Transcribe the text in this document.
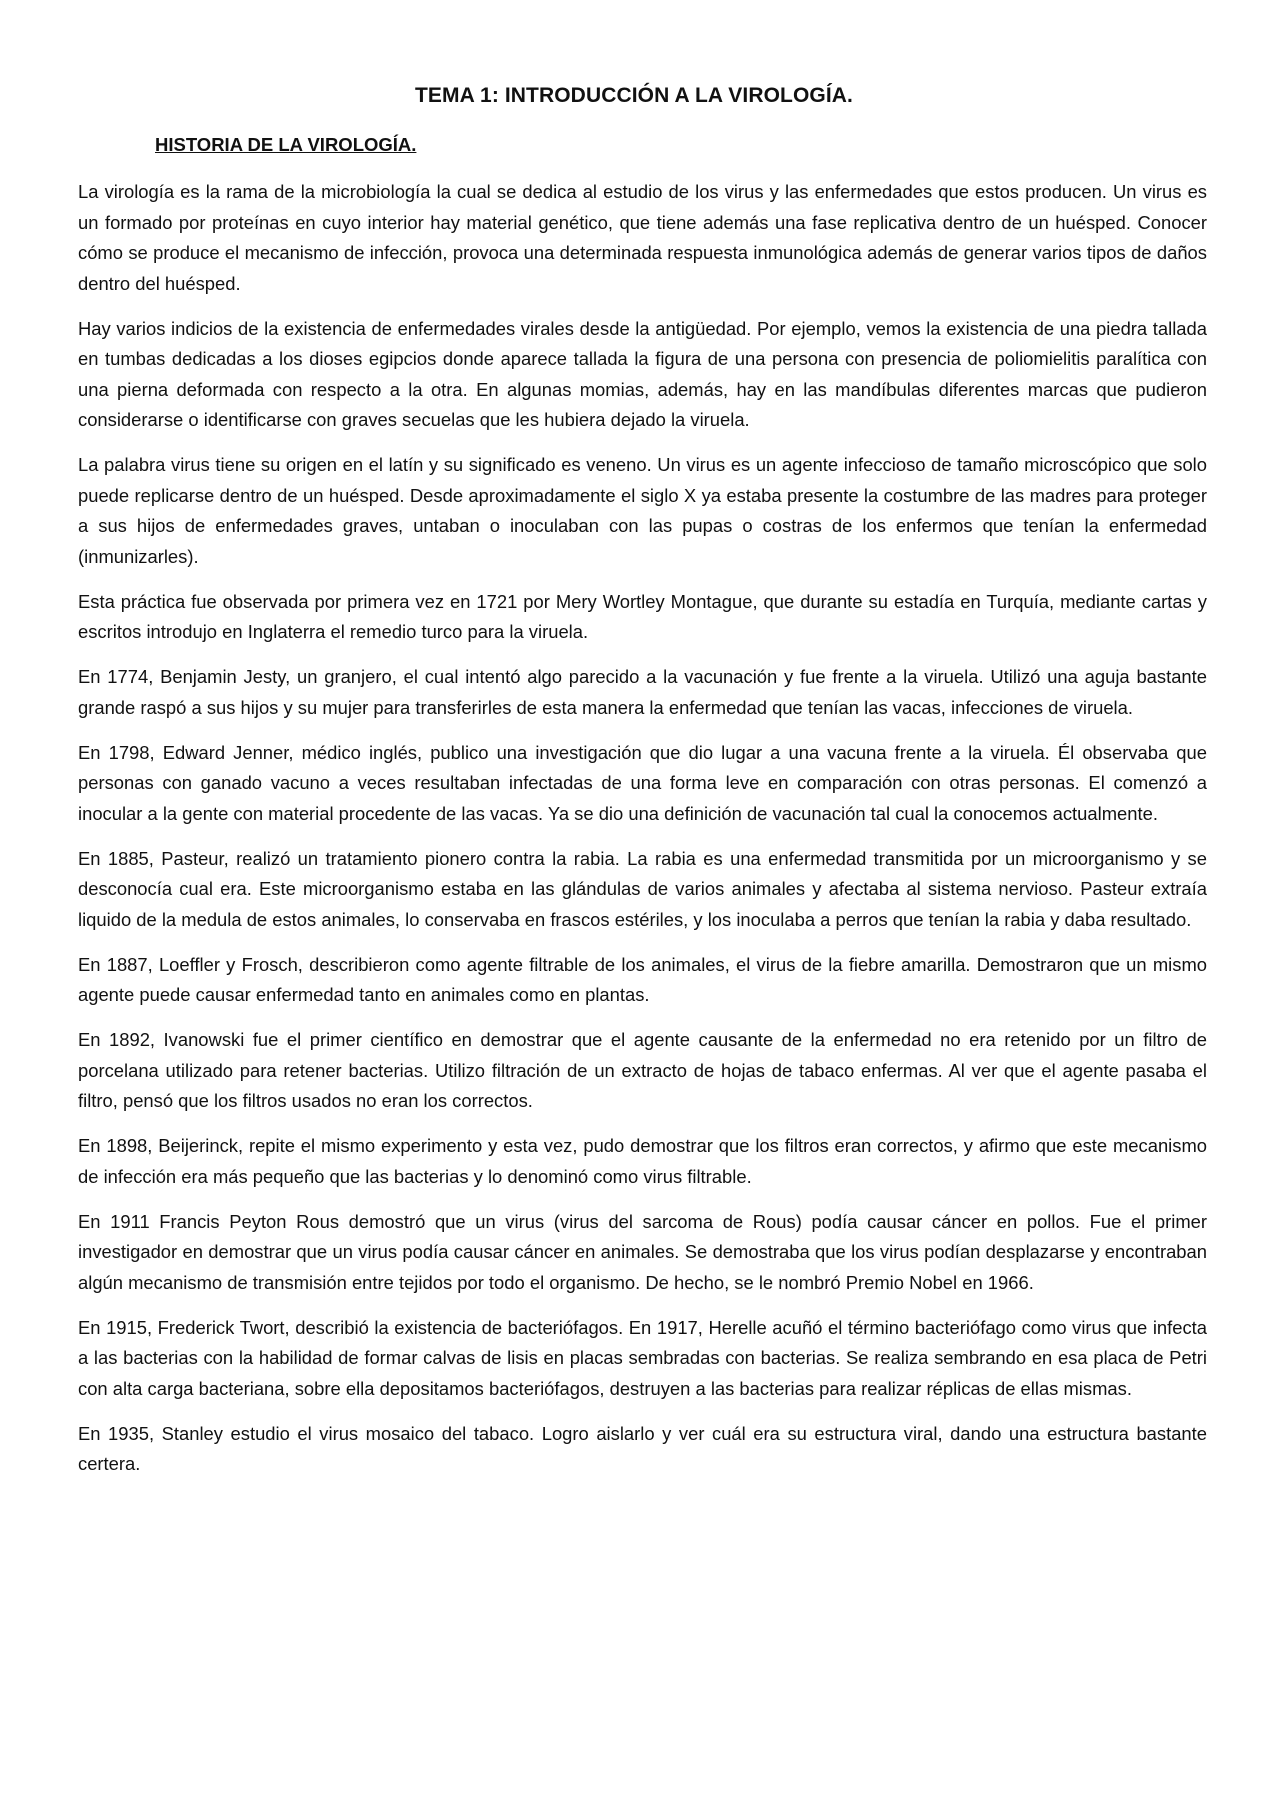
TEMA 1: INTRODUCCIÓN A LA VIROLOGÍA.
HISTORIA DE LA VIROLOGÍA.

La virología es la rama de la microbiología la cual se dedica al estudio de los virus y las enfermedades que estos producen. Un virus es un formado por proteínas en cuyo interior hay material genético, que tiene además una fase replicativa dentro de un huésped. Conocer cómo se produce el mecanismo de infección, provoca una determinada respuesta inmunológica además de generar varios tipos de daños dentro del huésped.

Hay varios indicios de la existencia de enfermedades virales desde la antigüedad. Por ejemplo, vemos la existencia de una piedra tallada en tumbas dedicadas a los dioses egipcios donde aparece tallada la figura de una persona con presencia de poliomielitis paralítica con una pierna deformada con respecto a la otra. En algunas momias, además, hay en las mandíbulas diferentes marcas que pudieron considerarse o identificarse con graves secuelas que les hubiera dejado la viruela.

La palabra virus tiene su origen en el latín y su significado es veneno. Un virus es un agente infeccioso de tamaño microscópico que solo puede replicarse dentro de un huésped. Desde aproximadamente el siglo X ya estaba presente la costumbre de las madres para proteger a sus hijos de enfermedades graves, untaban o inoculaban con las pupas o costras de los enfermos que tenían la enfermedad (inmunizarles).

Esta práctica fue observada por primera vez en 1721 por Mery Wortley Montague, que durante su estadía en Turquía, mediante cartas y escritos introdujo en Inglaterra el remedio turco para la viruela.

En 1774, Benjamin Jesty, un granjero, el cual intentó algo parecido a la vacunación y fue frente a la viruela. Utilizó una aguja bastante grande raspó a sus hijos y su mujer para transferirles de esta manera la enfermedad que tenían las vacas, infecciones de viruela.

En 1798, Edward Jenner, médico inglés, publico una investigación que dio lugar a una vacuna frente a la viruela. Él observaba que personas con ganado vacuno a veces resultaban infectadas de una forma leve en comparación con otras personas. El comenzó a inocular a la gente con material procedente de las vacas. Ya se dio una definición de vacunación tal cual la conocemos actualmente.

En 1885, Pasteur, realizó un tratamiento pionero contra la rabia. La rabia es una enfermedad transmitida por un microorganismo y se desconocía cual era. Este microorganismo estaba en las glándulas de varios animales y afectaba al sistema nervioso. Pasteur extraía liquido de la medula de estos animales, lo conservaba en frascos estériles, y los inoculaba a perros que tenían la rabia y daba resultado.

En 1887, Loeffler y Frosch, describieron como agente filtrable de los animales, el virus de la fiebre amarilla. Demostraron que un mismo agente puede causar enfermedad tanto en animales como en plantas.

En 1892, Ivanowski fue el primer científico en demostrar que el agente causante de la enfermedad no era retenido por un filtro de porcelana utilizado para retener bacterias. Utilizo filtración de un extracto de hojas de tabaco enfermas. Al ver que el agente pasaba el filtro, pensó que los filtros usados no eran los correctos.

En 1898, Beijerinck, repite el mismo experimento y esta vez, pudo demostrar que los filtros eran correctos, y afirmo que este mecanismo de infección era más pequeño que las bacterias y lo denominó como virus filtrable.

En 1911 Francis Peyton Rous demostró que un virus (virus del sarcoma de Rous) podía causar cáncer en pollos. Fue el primer investigador en demostrar que un virus podía causar cáncer en animales. Se demostraba que los virus podían desplazarse y encontraban algún mecanismo de transmisión entre tejidos por todo el organismo. De hecho, se le nombró Premio Nobel en 1966.

En 1915, Frederick Twort, describió la existencia de bacteriófagos. En 1917, Herelle acuñó el término bacteriófago como virus que infecta a las bacterias con la habilidad de formar calvas de lisis en placas sembradas con bacterias. Se realiza sembrando en esa placa de Petri con alta carga bacteriana, sobre ella depositamos bacteriófagos, destruyen a las bacterias para realizar réplicas de ellas mismas.

En 1935, Stanley estudio el virus mosaico del tabaco. Logro aislarlo y ver cuál era su estructura viral, dando una estructura bastante certera.
